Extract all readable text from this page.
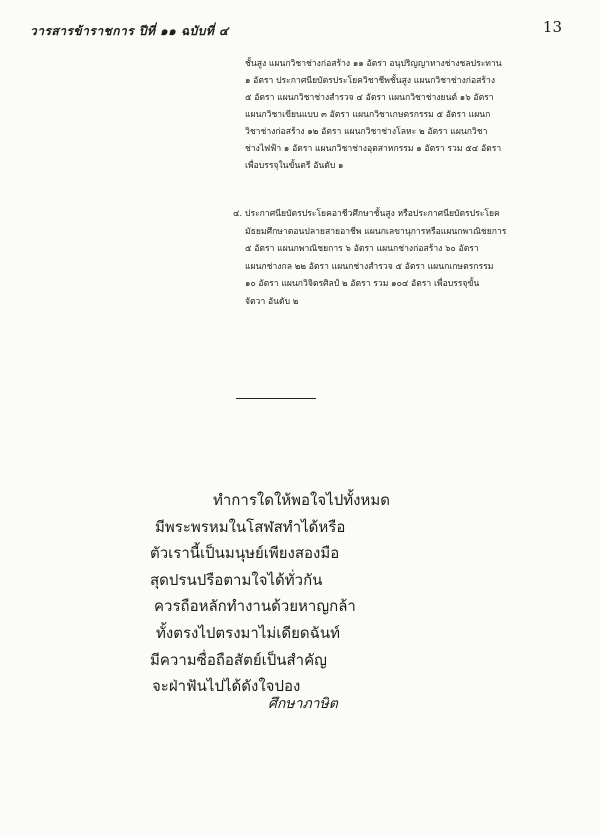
วารสารข้าราชการ ปีที่ ๑๑ ฉบับที่ ๔	13
ชั้นสูง แผนกวิชาช่างก่อสร้าง ๑๑ อัตรา อนุปริญญาทางช่างชลประทาน
๑ อัตรา ประกาศนียบัตรประโยควิชาชีพชั้นสูง แผนกวิชาช่างก่อสร้าง
๕ อัตรา แผนกวิชาช่างสำรวจ ๔ อัตรา แผนกวิชาช่างยนต์ ๑๖ อัตรา
แผนกวิชาเขียนแบบ ๓ อัตรา แผนกวิชาเกษตรกรรม ๕ อัตรา แผนก
วิชาช่างก่อสร้าง ๑๒ อัตรา แผนกวิชาช่างโลหะ ๒ อัตรา แผนกวิชา
ช่างไฟฟ้า ๑ อัตรา แผนกวิชาช่างอุตสาหกรรม ๑ อัตรา รวม ๕๔ อัตรา
เพื่อบรรจุในขั้นตรี อันดับ ๑
๔. ประกาศนียบัตรประโยคอาชีวศึกษาชั้นสูง หรือประกาศนียบัตรประโยค
มัธยมศึกษาตอนปลายสายอาชีพ แผนกเลขานุการหรือแผนกพาณิชยการ
๕ อัตรา แผนกพาณิชยการ ๖ อัตรา แผนกช่างก่อสร้าง ๖๐ อัตรา
แผนกช่างกล ๒๒ อัตรา แผนกช่างสำรวจ ๕ อัตรา แผนกเกษตรกรรม
๑๐ อัตรา แผนกวิจิตรศิลป์ ๒ อัตรา รวม ๑๐๔ อัตรา เพื่อบรรจุขั้น
จัตวา อันดับ ๒
ทำการใดให้พอใจไปทั้งหมด
มีพระพรหมในโสฬสทำได้หรือ
ตัวเรานี้เป็นมนุษย์เพียงสองมือ
สุดปรนปรือตามใจได้ทั่วกัน
ควรถือหลักทำงานด้วยหาญกล้า
ทั้งตรงไปตรงมาไม่เดียดฉันท์
มีความซื่อถือสัตย์เป็นสำคัญ
จะฝ่าฟันไปได้ดังใจปอง
ศึกษาภาษิต
